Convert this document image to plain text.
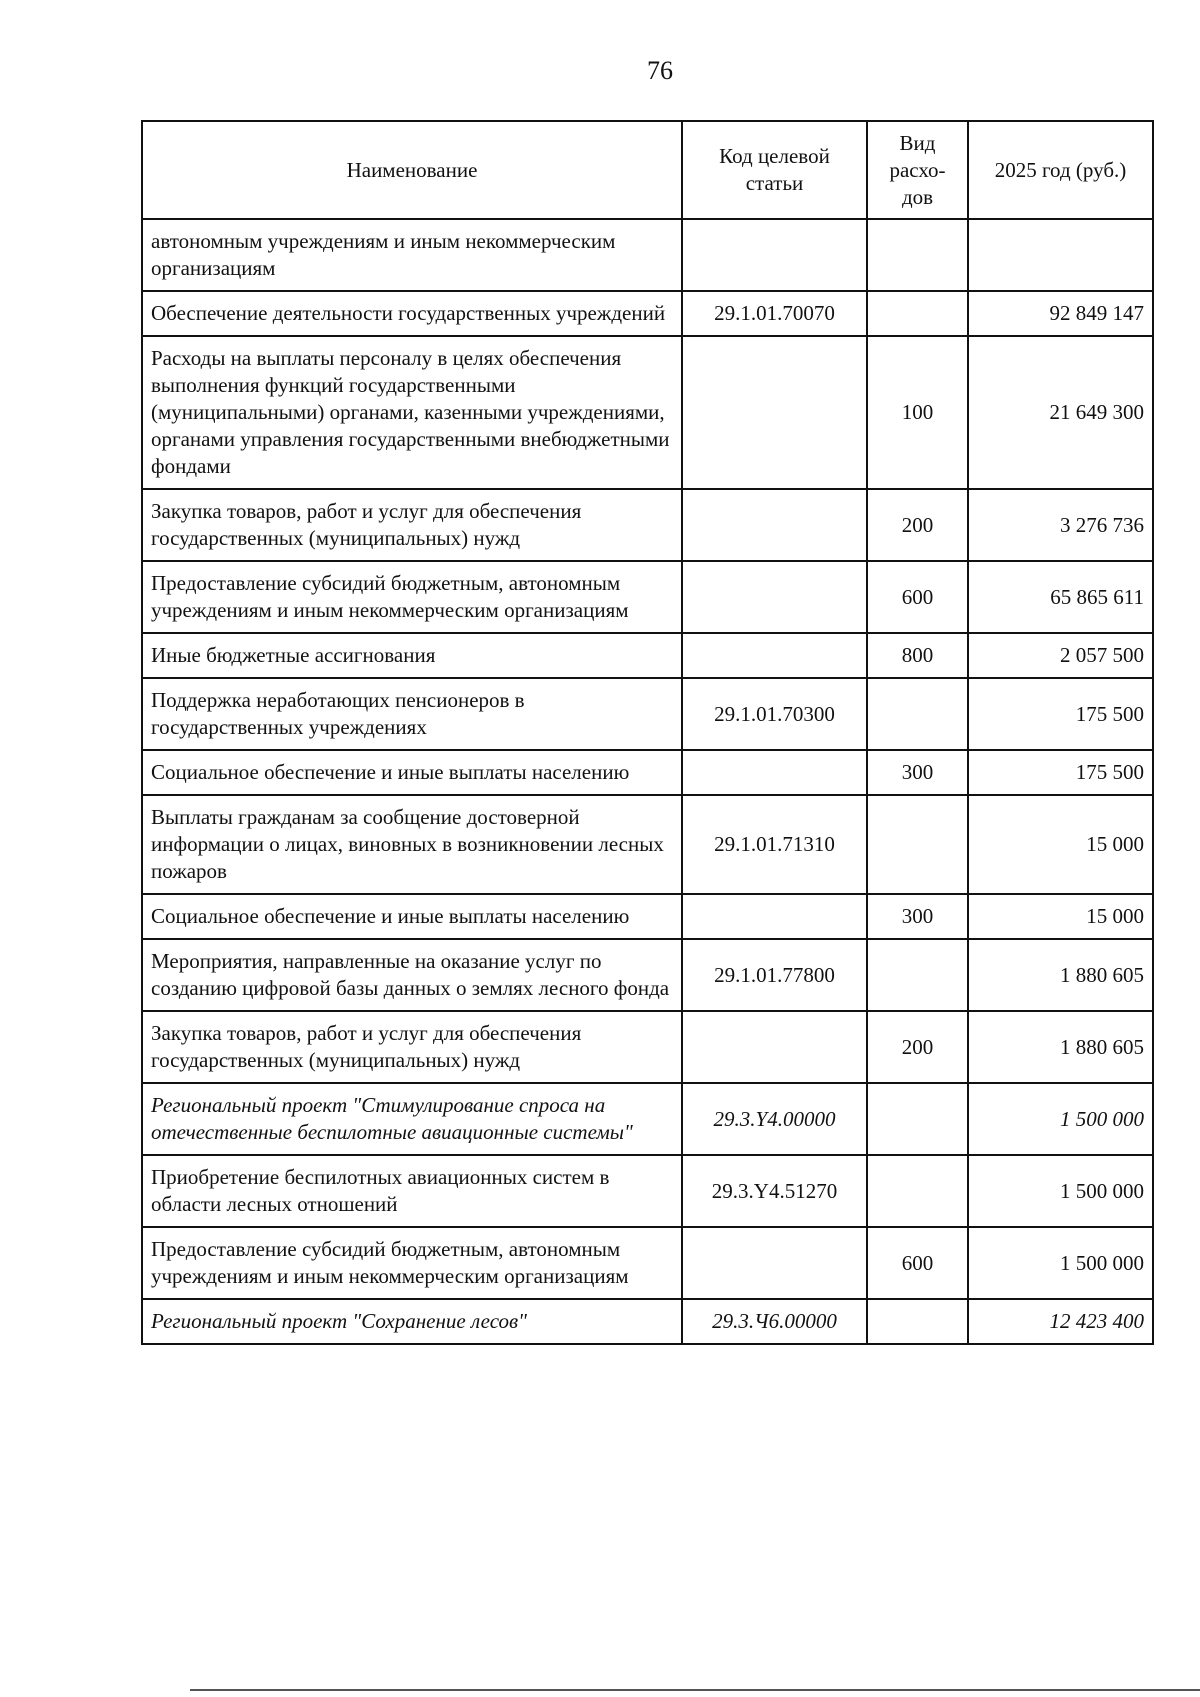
76
Наименование	Код целевой статьи	Вид расхо-дов	2025 год (руб.)
автономным учреждениям и иным некоммерческим организациям			
Обеспечение деятельности государственных учреждений	29.1.01.70070		92 849 147
Расходы на выплаты персоналу в целях обеспечения выполнения функций государственными (муниципальными) органами, казенными учреждениями, органами управления государственными внебюджетными фондами		100	21 649 300
Закупка товаров, работ и услуг для обеспечения государственных (муниципальных) нужд		200	3 276 736
Предоставление субсидий бюджетным, автономным учреждениям и иным некоммерческим организациям		600	65 865 611
Иные бюджетные ассигнования		800	2 057 500
Поддержка неработающих пенсионеров в государственных учреждениях	29.1.01.70300		175 500
Социальное обеспечение и иные выплаты населению		300	175 500
Выплаты гражданам за сообщение достоверной информации о лицах, виновных в возникновении лесных пожаров	29.1.01.71310		15 000
Социальное обеспечение и иные выплаты населению		300	15 000
Мероприятия, направленные на оказание услуг по созданию цифровой базы данных о землях лесного фонда	29.1.01.77800		1 880 605
Закупка товаров, работ и услуг для обеспечения государственных (муниципальных) нужд		200	1 880 605
Региональный проект "Стимулирование спроса на отечественные беспилотные авиационные системы"	29.3.Y4.00000		1 500 000
Приобретение беспилотных авиационных систем в области лесных отношений	29.3.Y4.51270		1 500 000
Предоставление субсидий бюджетным, автономным учреждениям и иным некоммерческим организациям		600	1 500 000
Региональный проект "Сохранение лесов"	29.3.Ч6.00000		12 423 400
